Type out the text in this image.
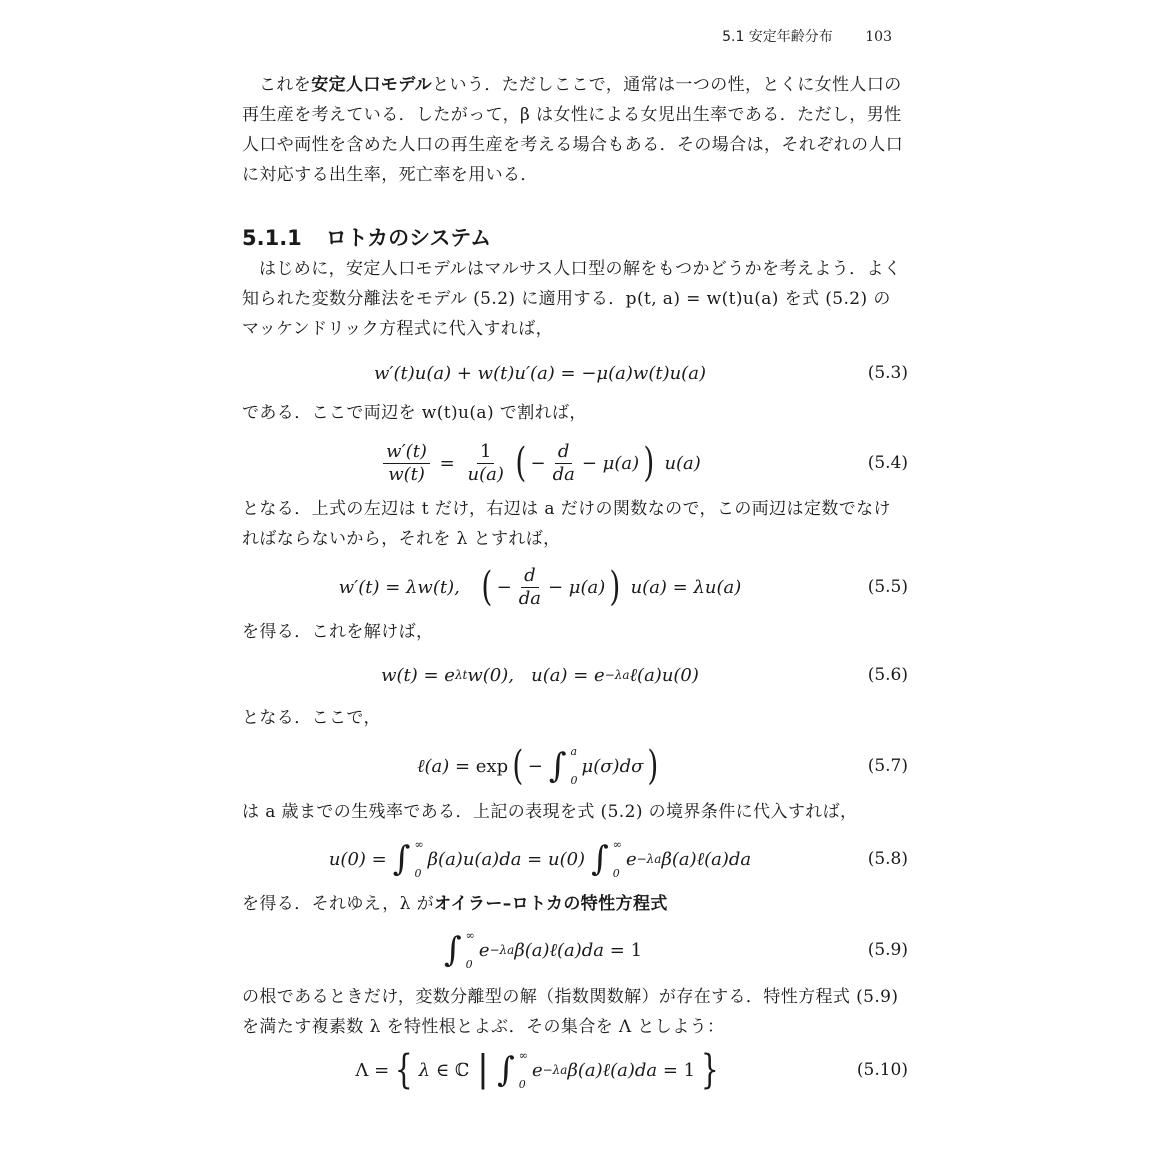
5.1 安定年齢分布 103

これを安定人口モデルという．ただしここで，通常は一つの性，とくに女性人口の再生産を考えている．したがって，β は女性による女児出生率である．ただし，男性人口や両性を含めた人口の再生産を考える場合もある．その場合は，それぞれの人口に対応する出生率，死亡率を用いる．

5.1.1 ロトカのシステム

はじめに，安定人口モデルはマルサス人口型の解をもつかどうかを考えよう．よく知られた変数分離法をモデル (5.2) に適用する．p(t, a) = w(t)u(a) を式 (5.2) のマッケンドリック方程式に代入すれば，

w′(t)u(a) + w(t)u′(a) = −μ(a)w(t)u(a)	(5.3)

である．ここで両辺を w(t)u(a) で割れば，

$\frac{w'(t)}{w(t)} = \frac{1}{u(a)}$ ( − $\frac{d}{da} - \mu(a)$ ) u(a)	(5.4)

となる．上式の左辺は t だけ，右辺は a だけの関数なので，この両辺は定数でなければならないから，それを λ とすれば，

w′(t) = λw(t), ( − $\frac{d}{da} - \mu(a)$ ) u(a) = λu(a)	(5.5)

を得る．これを解けば，

w(t) = e λt w(0),   u(a) = e −λa ℓ(a)u(0)	(5.6)

となる．ここで，

ℓ(a) = exp ( − ∫ a
0
μ(σ)dσ )	(5.7)

は a 歳までの生残率である．上記の表現を式 (5.2) の境界条件に代入すれば，

u(0) = ∫ ∞
0
β(a)u(a)da = u(0) ∫ ∞
0
e −λa β(a)ℓ(a)da	(5.8)

を得る．それゆえ，λ がオイラー–ロトカの特性方程式

∫ ∞
0
e −λa β(a)ℓ(a)da = 1	(5.9)

の根であるときだけ，変数分離型の解（指数関数解）が存在する．特性方程式 (5.9) を満たす複素数 λ を特性根とよぶ．その集合を Λ としよう：

Λ = { λ ∈ ℂ | ∫ ∞
0
e −λa β(a)ℓ(a)da = 1 }	(5.10)
